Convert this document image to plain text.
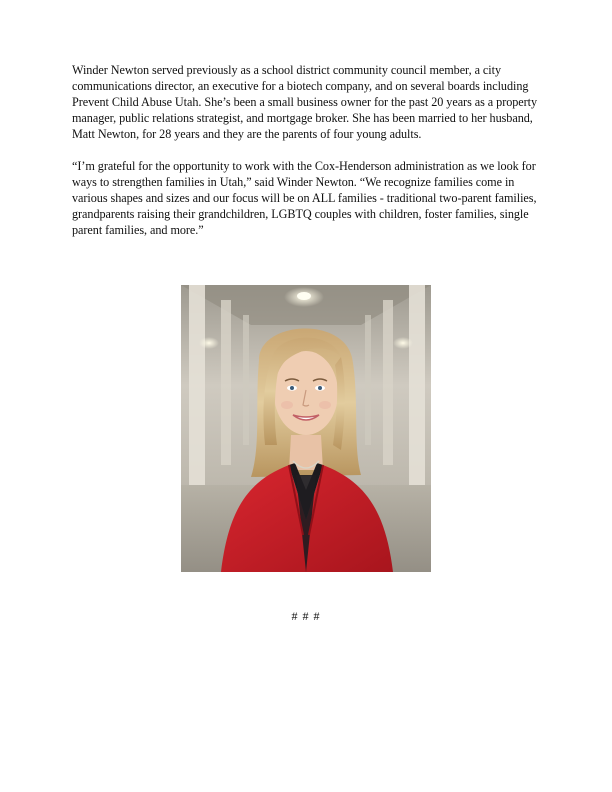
Winder Newton served previously as a school district community council member, a city communications director, an executive for a biotech company, and on several boards including Prevent Child Abuse Utah. She’s been a small business owner for the past 20 years as a property manager, public relations strategist, and mortgage broker. She has been married to her husband, Matt Newton, for 28 years and they are the parents of four young adults.

“I’m grateful for the opportunity to work with the Cox-Henderson administration as we look for ways to strengthen families in Utah,” said Winder Newton. “We recognize families come in various shapes and sizes and our focus will be on ALL families - traditional two-parent families, grandparents raising their grandchildren, LGBTQ couples with children, foster families, single parent families, and more.”

# # #
